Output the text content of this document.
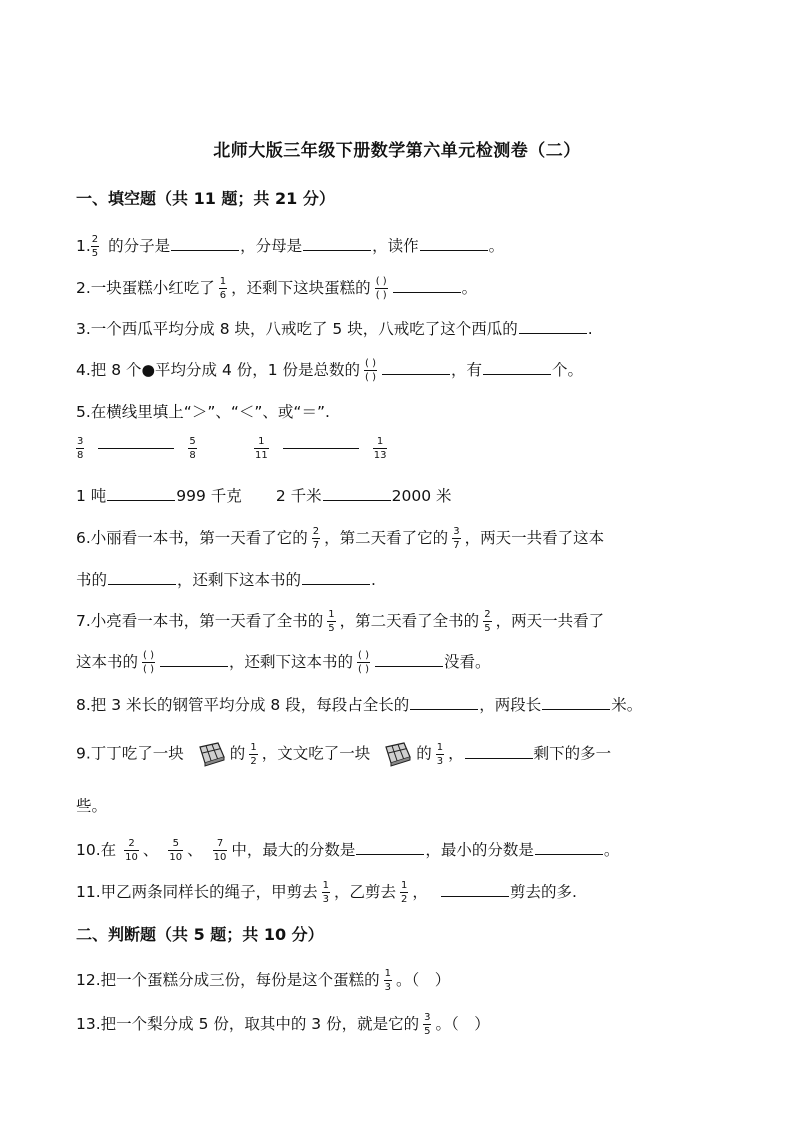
北师大版三年级下册数学第六单元检测卷（二）
一、填空题（共 11 题；共 21 分）
1. $\frac{2}{5}$ 的分子是	，分母是	，读作	。
2.一块蛋糕小红吃了 $\frac{1}{6}$ ，还剩下这块蛋糕的 $\frac{( )}{( )}$	。
3.一个西瓜平均分成 8 块，八戒吃了 5 块，八戒吃了这个西瓜的	.
4.把 8 个●平均分成 4 份，1 份是总数的 $\frac{( )}{( )}$	，有	个。
5.在横线里填上“＞”、“＜”、或“＝”.
$\frac{3}{8}$	$\frac{5}{8}$	$\frac{1}{11}$	$\frac{1}{13}$
1 吨	999 千克 2 千米	2000 米
6.小丽看一本书，第一天看了它的 $\frac{2}{7}$ ，第二天看了它的 $\frac{3}{7}$ ，两天一共看了这本
书的	，还剩下这本书的	.
7.小亮看一本书，第一天看了全书的 $\frac{1}{5}$ ，第二天看了全书的 $\frac{2}{5}$ ，两天一共看了
这本书的 $\frac{( )}{( )}$	，还剩下这本书的 $\frac{( )}{( )}$	没看。
8.把 3 米长的钢管平均分成 8 段，每段占全长的	，两段长	米。
9.丁丁吃了一块	的 $\frac{1}{2}$ ，文文吃了一块	的 $\frac{1}{3}$ ，	剩下的多一
些。
10.在 $\frac{2}{10}$ 、 $\frac{5}{10}$ 、 $\frac{7}{10}$ 中，最大的分数是	，最小的分数是	。
11.甲乙两条同样长的绳子，甲剪去 $\frac{1}{3}$ ，乙剪去 $\frac{1}{2}$ ，	剪去的多.
二、判断题（共 5 题；共 10 分）
12.把一个蛋糕分成三份，每份是这个蛋糕的 $\frac{1}{3}$ 。（　）
13.把一个梨分成 5 份，取其中的 3 份，就是它的 $\frac{3}{5}$ 。（　）
